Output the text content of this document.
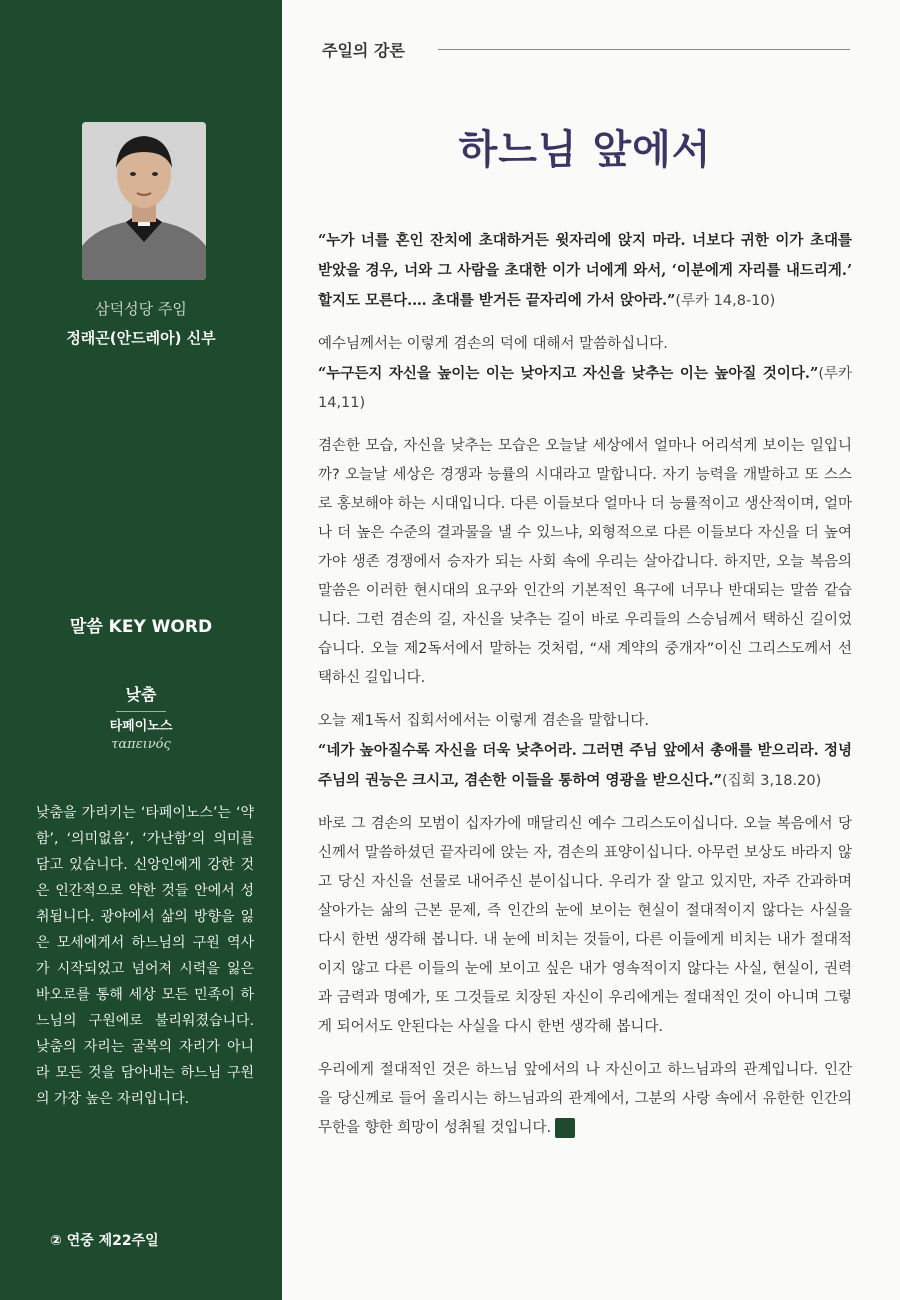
삼덕성당 주임
정래곤(안드레아) 신부
말씀 KEY WORD
낮춤
타페이노스
ταπεινός

낮춤을 가리키는 ‘타페이노스’는 ‘약함’, ‘의미없음’, ‘가난함’의 의미를 담고 있습니다. 신앙인에게 강한 것은 인간적으로 약한 것들 안에서 성취됩니다. 광야에서 삶의 방향을 잃은 모세에게서 하느님의 구원 역사가 시작되었고 넘어져 시력을 잃은 바오로를 통해 세상 모든 민족이 하느님의 구원에로 불리워졌습니다. 낮춤의 자리는 굴복의 자리가 아니라 모든 것을 담아내는 하느님 구원의 가장 높은 자리입니다.

② 연중 제22주일
주일의 강론
하느님 앞에서

“누가 너를 혼인 잔치에 초대하거든 윗자리에 앉지 마라. 너보다 귀한 이가 초대를 받았을 경우, 너와 그 사람을 초대한 이가 너에게 와서, ‘이분에게 자리를 내드리게.’ 할지도 모른다.… 초대를 받거든 끝자리에 가서 앉아라.”(루카 14,8-10)

예수님께서는 이렇게 겸손의 덕에 대해서 말씀하십니다.
“누구든지 자신을 높이는 이는 낮아지고 자신을 낮추는 이는 높아질 것이다.”(루카 14,11)

겸손한 모습, 자신을 낮추는 모습은 오늘날 세상에서 얼마나 어리석게 보이는 일입니까? 오늘날 세상은 경쟁과 능률의 시대라고 말합니다. 자기 능력을 개발하고 또 스스로 홍보해야 하는 시대입니다. 다른 이들보다 얼마나 더 능률적이고 생산적이며, 얼마나 더 높은 수준의 결과물을 낼 수 있느냐, 외형적으로 다른 이들보다 자신을 더 높여가야 생존 경쟁에서 승자가 되는 사회 속에 우리는 살아갑니다. 하지만, 오늘 복음의 말씀은 이러한 현시대의 요구와 인간의 기본적인 욕구에 너무나 반대되는 말씀 같습니다. 그런 겸손의 길, 자신을 낮추는 길이 바로 우리들의 스승님께서 택하신 길이었습니다. 오늘 제2독서에서 말하는 것처럼, “새 계약의 중개자”이신 그리스도께서 선택하신 길입니다.

오늘 제1독서 집회서에서는 이렇게 겸손을 말합니다.
“네가 높아질수록 자신을 더욱 낮추어라. 그러면 주님 앞에서 총애를 받으리라. 정녕 주님의 권능은 크시고, 겸손한 이들을 통하여 영광을 받으신다.”(집회 3,18.20)

바로 그 겸손의 모범이 십자가에 매달리신 예수 그리스도이십니다. 오늘 복음에서 당신께서 말씀하셨던 끝자리에 앉는 자, 겸손의 표양이십니다. 아무런 보상도 바라지 않고 당신 자신을 선물로 내어주신 분이십니다. 우리가 잘 알고 있지만, 자주 간과하며 살아가는 삶의 근본 문제, 즉 인간의 눈에 보이는 현실이 절대적이지 않다는 사실을 다시 한번 생각해 봅니다. 내 눈에 비치는 것들이, 다른 이들에게 비치는 내가 절대적이지 않고 다른 이들의 눈에 보이고 싶은 내가 영속적이지 않다는 사실, 현실이, 권력과 금력과 명예가, 또 그것들로 치장된 자신이 우리에게는 절대적인 것이 아니며 그렇게 되어서도 안된다는 사실을 다시 한번 생각해 봅니다.

우리에게 절대적인 것은 하느님 앞에서의 나 자신이고 하느님과의 관계입니다. 인간을 당신께로 들어 올리시는 하느님과의 관계에서, 그분의 사랑 속에서 유한한 인간의 무한을 향한 희망이 성취될 것입니다.
